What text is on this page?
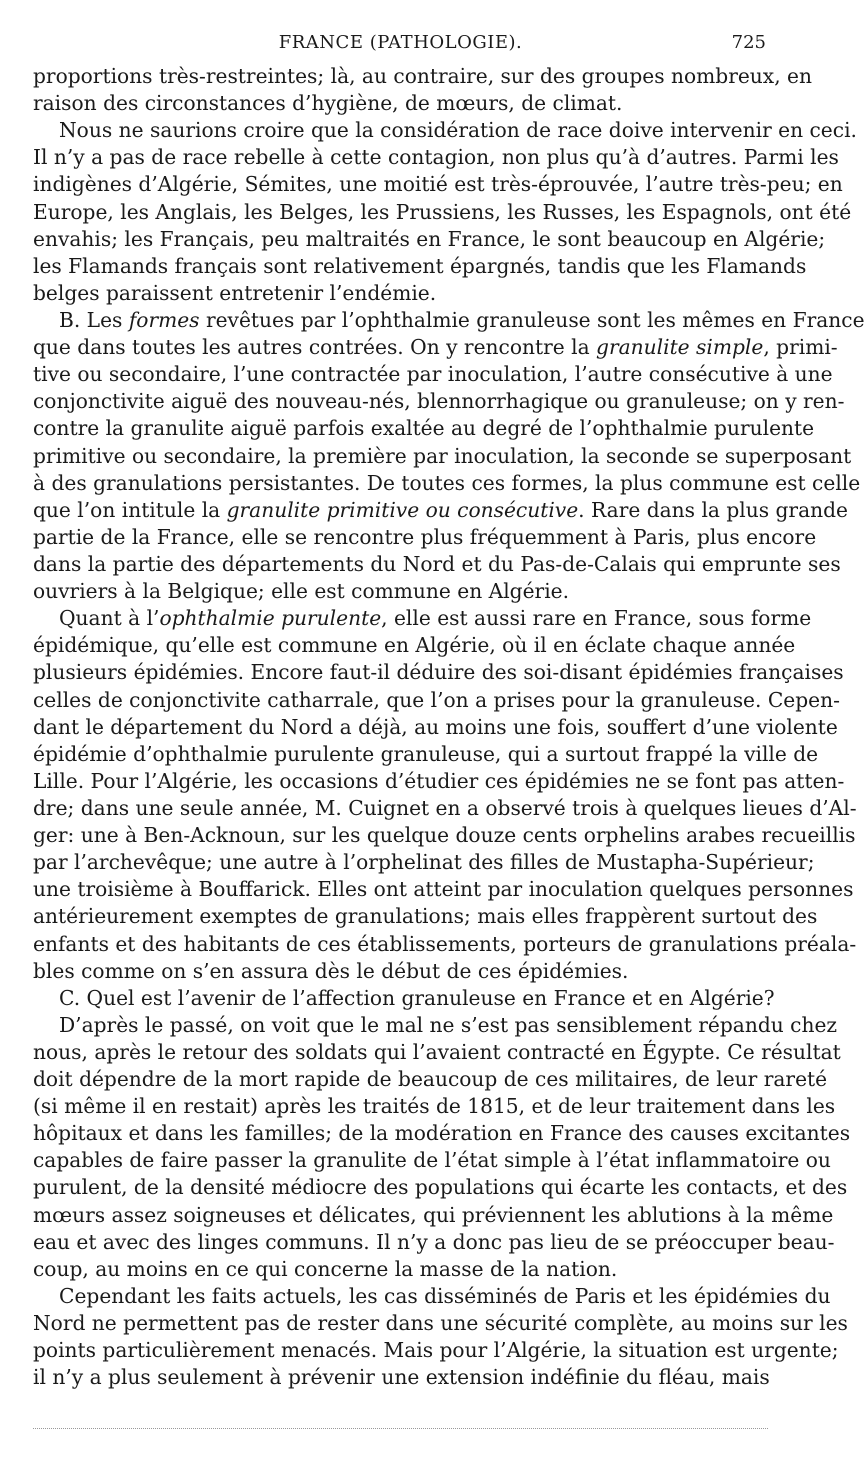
FRANCE (PATHOLOGIE).	725
proportions très-restreintes; là, au contraire, sur des groupes nombreux, en
raison des circonstances d’hygiène, de mœurs, de climat.
Nous ne saurions croire que la considération de race doive intervenir en ceci.
Il n’y a pas de race rebelle à cette contagion, non plus qu’à d’autres. Parmi les
indigènes d’Algérie, Sémites, une moitié est très-éprouvée, l’autre très-peu; en
Europe, les Anglais, les Belges, les Prussiens, les Russes, les Espagnols, ont été
envahis; les Français, peu maltraités en France, le sont beaucoup en Algérie;
les Flamands français sont relativement épargnés, tandis que les Flamands
belges paraissent entretenir l’endémie.
B. Les formes revêtues par l’ophthalmie granuleuse sont les mêmes en France
que dans toutes les autres contrées. On y rencontre la granulite simple, primi-
tive ou secondaire, l’une contractée par inoculation, l’autre consécutive à une
conjonctivite aiguë des nouveau-nés, blennorrhagique ou granuleuse; on y ren-
contre la granulite aiguë parfois exaltée au degré de l’ophthalmie purulente
primitive ou secondaire, la première par inoculation, la seconde se superposant
à des granulations persistantes. De toutes ces formes, la plus commune est celle
que l’on intitule la granulite primitive ou consécutive. Rare dans la plus grande
partie de la France, elle se rencontre plus fréquemment à Paris, plus encore
dans la partie des départements du Nord et du Pas-de-Calais qui emprunte ses
ouvriers à la Belgique; elle est commune en Algérie.
Quant à l’ophthalmie purulente, elle est aussi rare en France, sous forme
épidémique, qu’elle est commune en Algérie, où il en éclate chaque année
plusieurs épidémies. Encore faut-il déduire des soi-disant épidémies françaises
celles de conjonctivite catharrale, que l’on a prises pour la granuleuse. Cepen-
dant le département du Nord a déjà, au moins une fois, souffert d’une violente
épidémie d’ophthalmie purulente granuleuse, qui a surtout frappé la ville de
Lille. Pour l’Algérie, les occasions d’étudier ces épidémies ne se font pas atten-
dre; dans une seule année, M. Cuignet en a observé trois à quelques lieues d’Al-
ger: une à Ben-Acknoun, sur les quelque douze cents orphelins arabes recueillis
par l’archevêque; une autre à l’orphelinat des filles de Mustapha-Supérieur;
une troisième à Bouffarick. Elles ont atteint par inoculation quelques personnes
antérieurement exemptes de granulations; mais elles frappèrent surtout des
enfants et des habitants de ces établissements, porteurs de granulations préala-
bles comme on s’en assura dès le début de ces épidémies.
C. Quel est l’avenir de l’affection granuleuse en France et en Algérie?
D’après le passé, on voit que le mal ne s’est pas sensiblement répandu chez
nous, après le retour des soldats qui l’avaient contracté en Égypte. Ce résultat
doit dépendre de la mort rapide de beaucoup de ces militaires, de leur rareté
(si même il en restait) après les traités de 1815, et de leur traitement dans les
hôpitaux et dans les familles; de la modération en France des causes excitantes
capables de faire passer la granulite de l’état simple à l’état inflammatoire ou
purulent, de la densité médiocre des populations qui écarte les contacts, et des
mœurs assez soigneuses et délicates, qui préviennent les ablutions à la même
eau et avec des linges communs. Il n’y a donc pas lieu de se préoccuper beau-
coup, au moins en ce qui concerne la masse de la nation.
Cependant les faits actuels, les cas disséminés de Paris et les épidémies du
Nord ne permettent pas de rester dans une sécurité complète, au moins sur les
points particulièrement menacés. Mais pour l’Algérie, la situation est urgente;
il n’y a plus seulement à prévenir une extension indéfinie du fléau, mais
